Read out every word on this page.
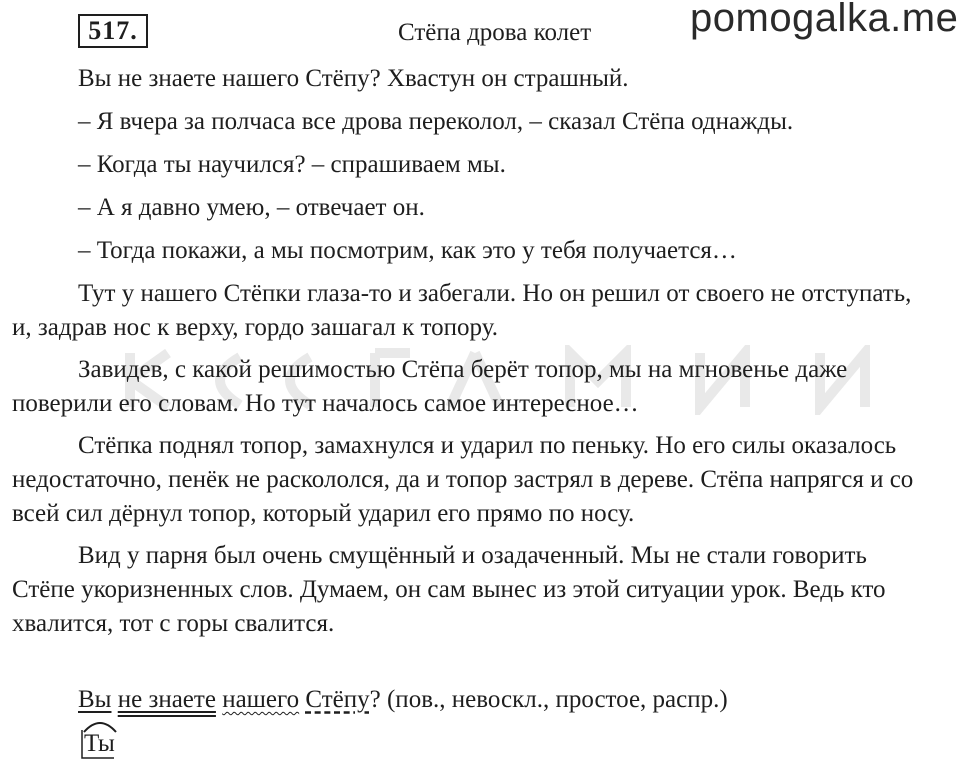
517.	Стёпа дрова колет pomogalka.me

Вы не знаете нашего Стёпу? Хвастун он страшный.

– Я вчера за полчаса все дрова переколол, – сказал Стёпа однажды.

– Когда ты научился? – спрашиваем мы.

– А я давно умею, – отвечает он.

– Тогда покажи, а мы посмотрим, как это у тебя получается…

Тут у нашего Стёпки глаза-то и забегали. Но он решил от своего не отступать, и, задрав нос к верху, гордо зашагал к топору.

Завидев, с какой решимостью Стёпа берёт топор, мы на мгновенье даже поверили его словам. Но тут началось самое интересное…

Стёпка поднял топор, замахнулся и ударил по пеньку. Но его силы оказалось недостаточно, пенёк не раскололся, да и топор застрял в дереве. Стёпа напрягся и со всей сил дёрнул топор, который ударил его прямо по носу.

Вид у парня был очень смущённый и озадаченный. Мы не стали говорить Стёпе укоризненных слов. Думаем, он сам вынес из этой ситуации урок. Ведь кто хвалится, тот с горы свалится.

Вы не знаете нашего Стёпу? (пов., невоскл., простое, распр.)
Ты
